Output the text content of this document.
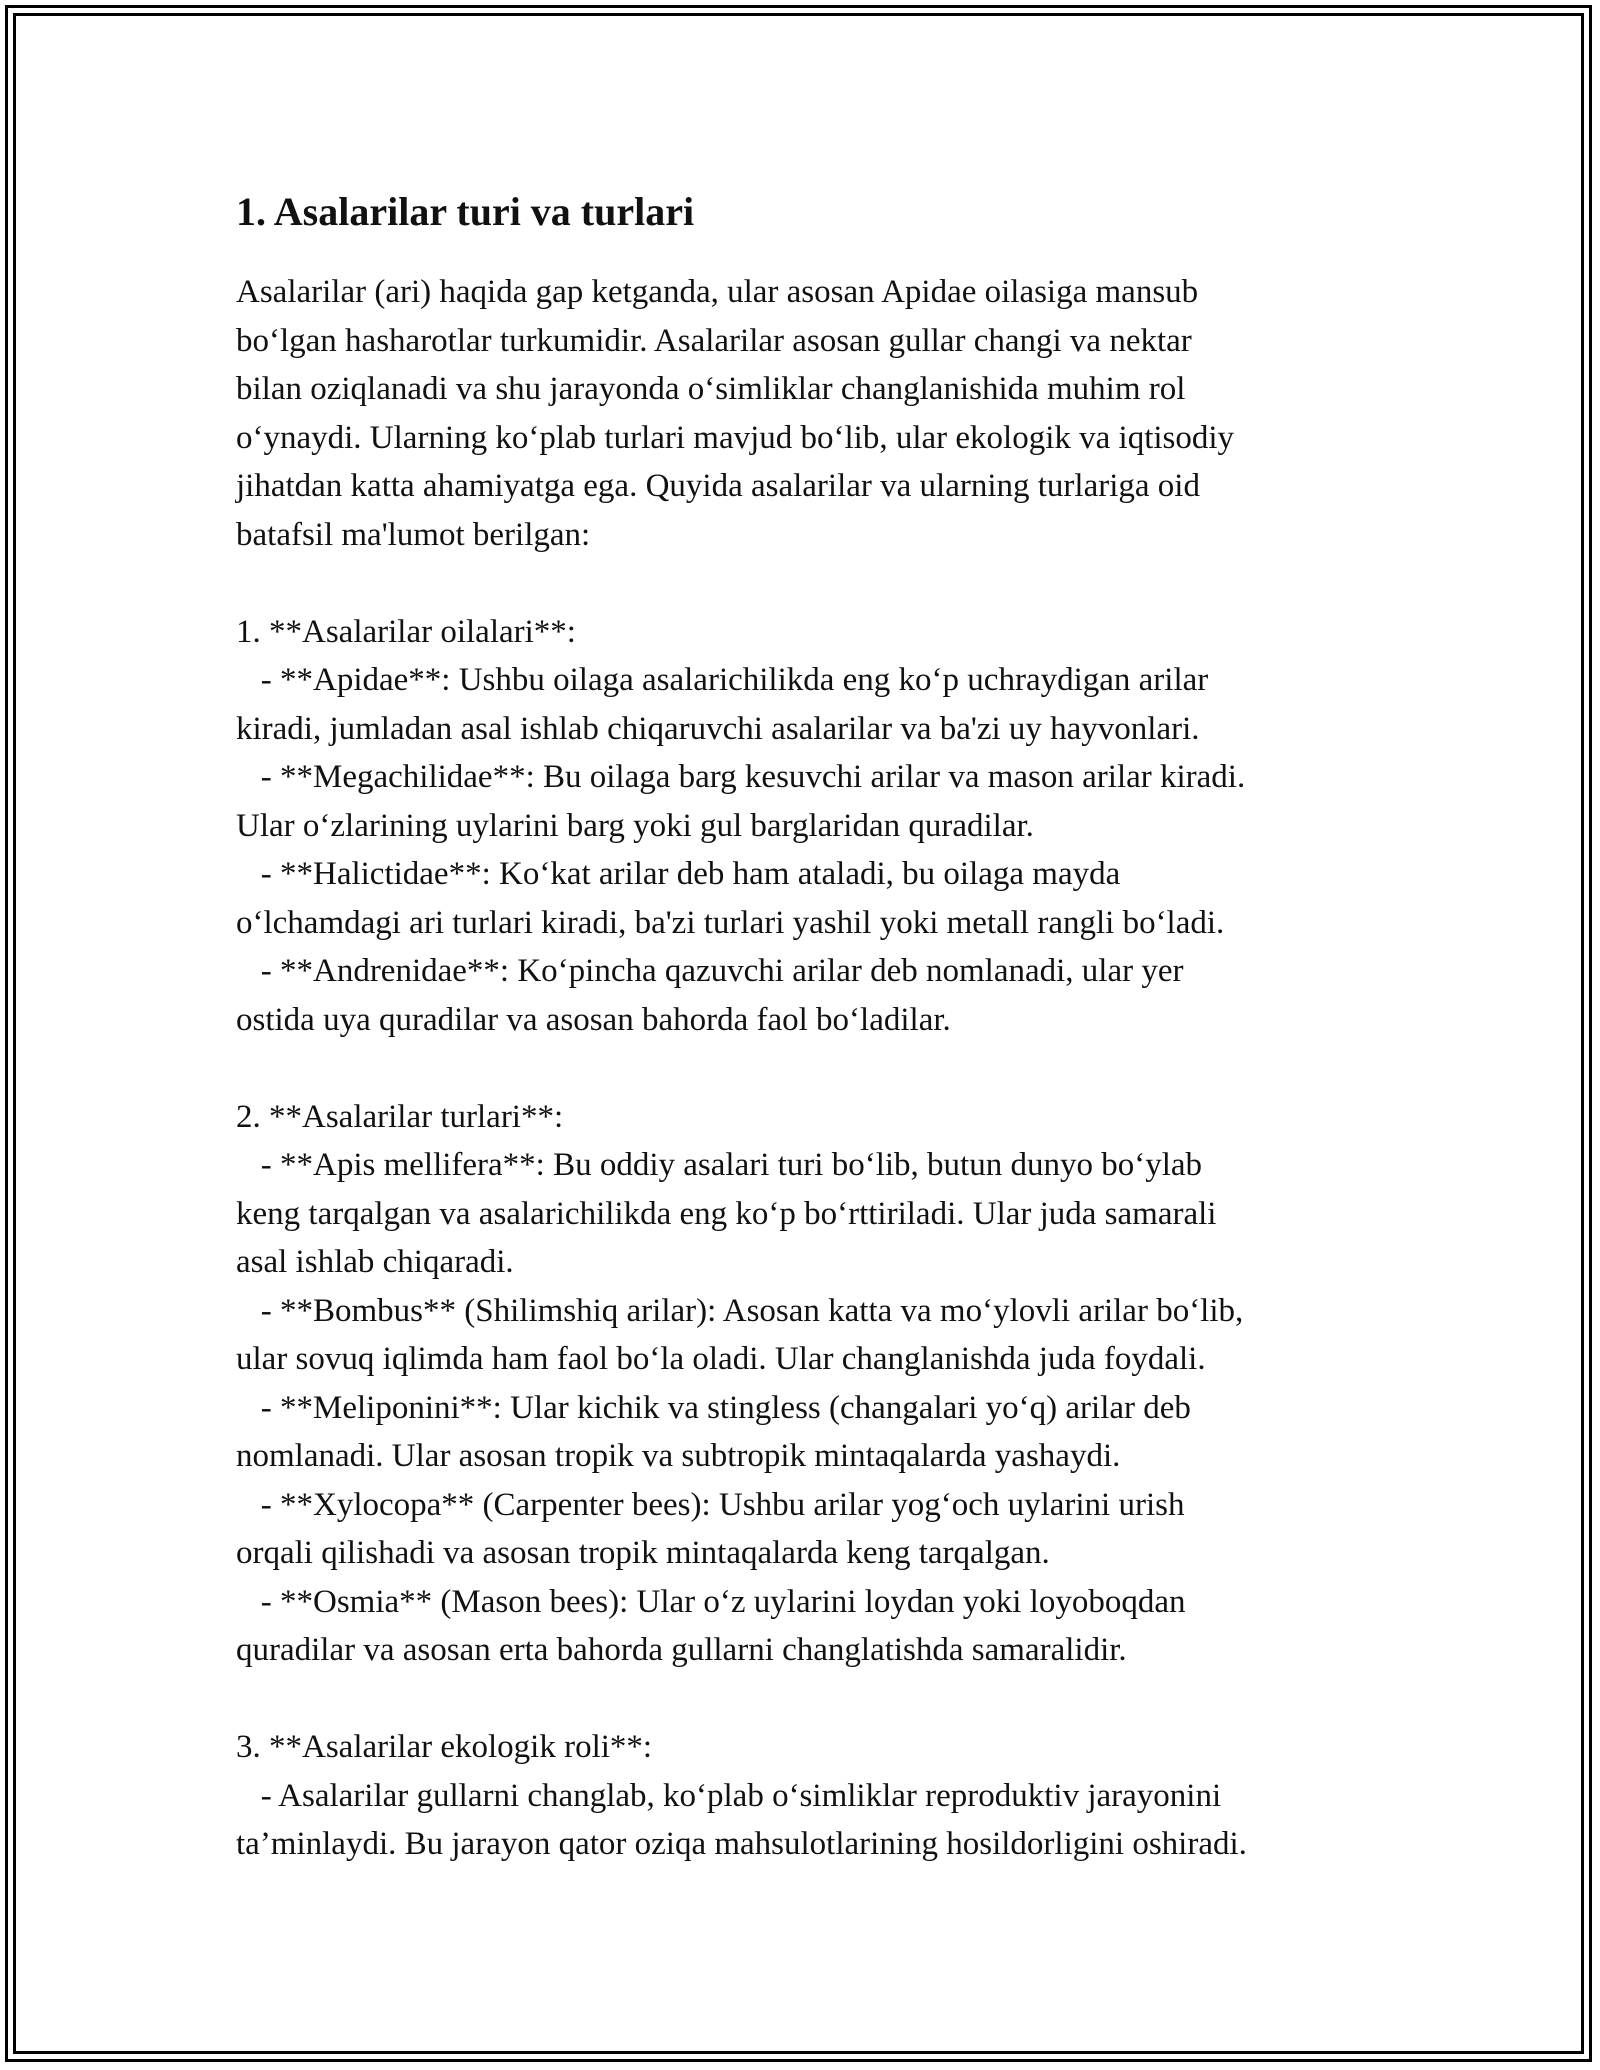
1. Asalarilar turi va turlari
Asalarilar (ari) haqida gap ketganda, ular asosan Apidae oilasiga mansub
bo‘lgan hasharotlar turkumidir. Asalarilar asosan gullar changi va nektar
bilan oziqlanadi va shu jarayonda o‘simliklar changlanishida muhim rol
o‘ynaydi. Ularning ko‘plab turlari mavjud bo‘lib, ular ekologik va iqtisodiy
jihatdan katta ahamiyatga ega. Quyida asalarilar va ularning turlariga oid
batafsil ma'lumot berilgan:
1. **Asalarilar oilalari**:
- **Apidae**: Ushbu oilaga asalarichilikda eng ko‘p uchraydigan arilar
kiradi, jumladan asal ishlab chiqaruvchi asalarilar va ba'zi uy hayvonlari.
- **Megachilidae**: Bu oilaga barg kesuvchi arilar va mason arilar kiradi.
Ular o‘zlarining uylarini barg yoki gul barglaridan quradilar.
- **Halictidae**: Ko‘kat arilar deb ham ataladi, bu oilaga mayda
o‘lchamdagi ari turlari kiradi, ba'zi turlari yashil yoki metall rangli bo‘ladi.
- **Andrenidae**: Ko‘pincha qazuvchi arilar deb nomlanadi, ular yer
ostida uya quradilar va asosan bahorda faol bo‘ladilar.
2. **Asalarilar turlari**:
- **Apis mellifera**: Bu oddiy asalari turi bo‘lib, butun dunyo bo‘ylab
keng tarqalgan va asalarichilikda eng ko‘p bo‘rttiriladi. Ular juda samarali
asal ishlab chiqaradi.
- **Bombus** (Shilimshiq arilar): Asosan katta va mo‘ylovli arilar bo‘lib,
ular sovuq iqlimda ham faol bo‘la oladi. Ular changlanishda juda foydali.
- **Meliponini**: Ular kichik va stingless (changalari yo‘q) arilar deb
nomlanadi. Ular asosan tropik va subtropik mintaqalarda yashaydi.
- **Xylocopa** (Carpenter bees): Ushbu arilar yog‘och uylarini urish
orqali qilishadi va asosan tropik mintaqalarda keng tarqalgan.
- **Osmia** (Mason bees): Ular o‘z uylarini loydan yoki loyoboqdan
quradilar va asosan erta bahorda gullarni changlatishda samaralidir.
3. **Asalarilar ekologik roli**:
- Asalarilar gullarni changlab, ko‘plab o‘simliklar reproduktiv jarayonini
ta’minlaydi. Bu jarayon qator oziqa mahsulotlarining hosildorligini oshiradi.
